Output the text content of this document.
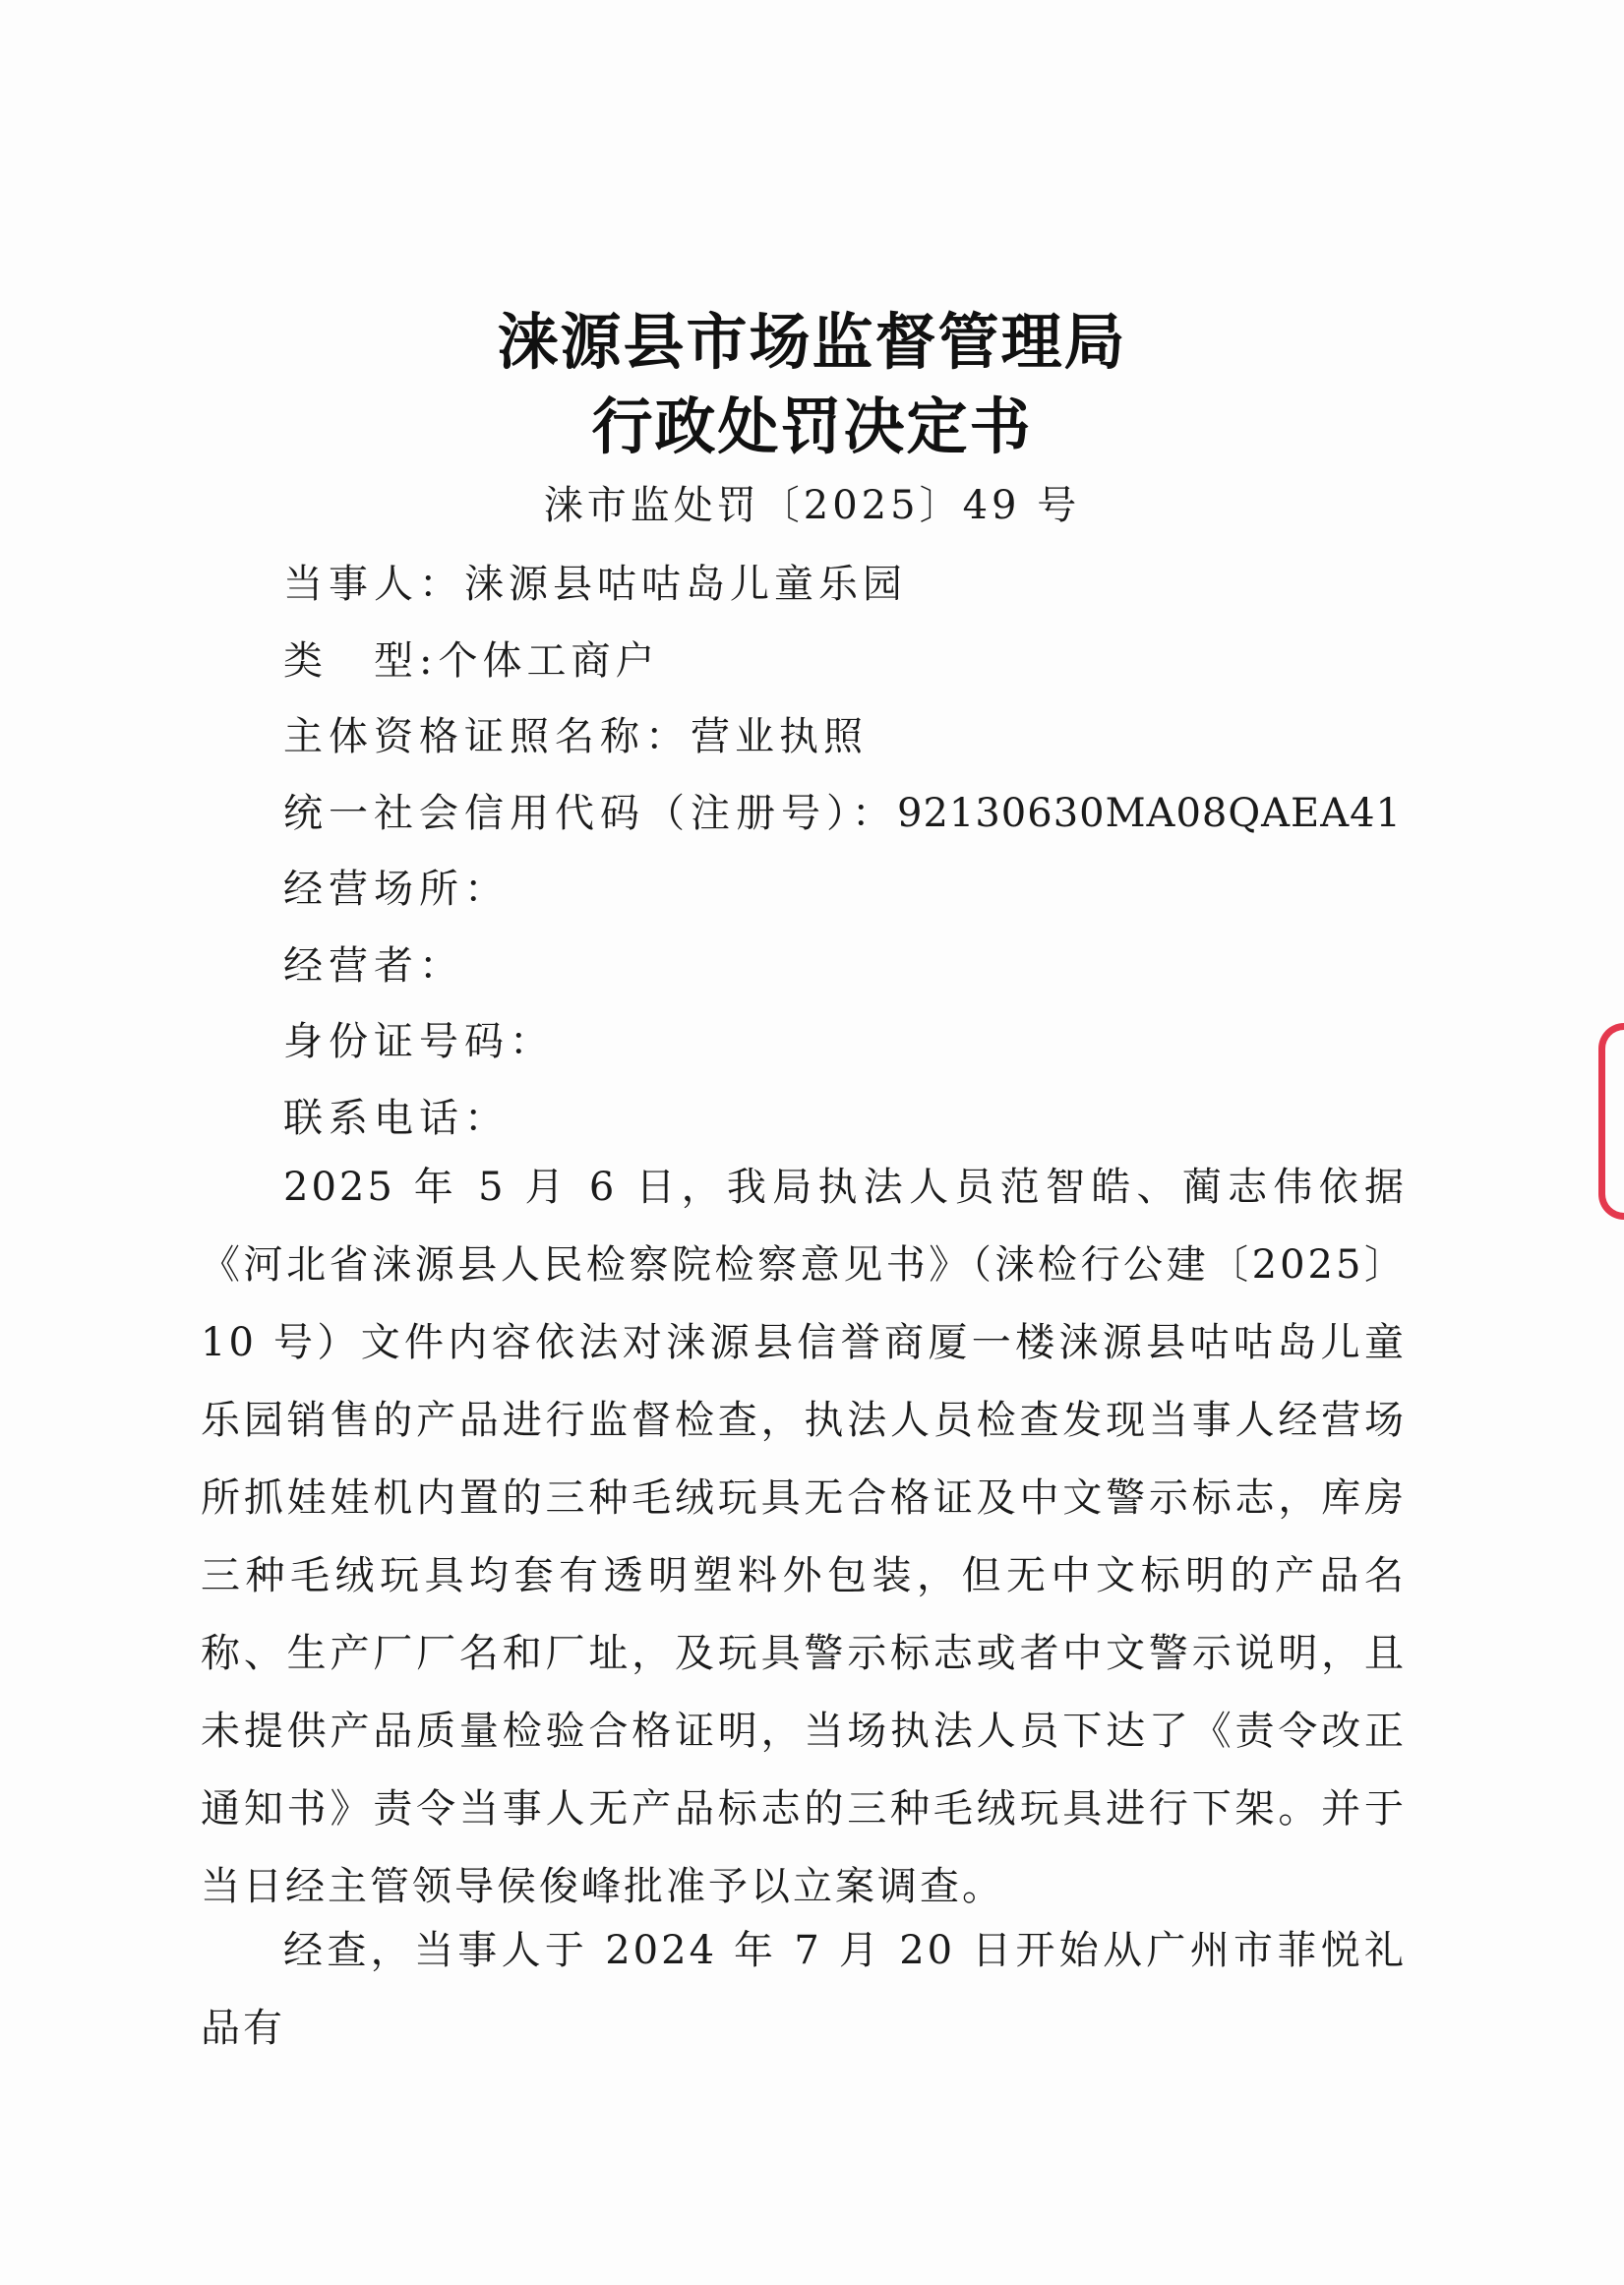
涞源县市场监督管理局
行政处罚决定书

涞市监处罚〔2025〕49 号

当事人：涞源县咕咕岛儿童乐园

类　型:个体工商户

主体资格证照名称：营业执照

统一社会信用代码（注册号）：92130630MA08QAEA41

经营场所：

经营者：

身份证号码：

联系电话：

2025 年 5 月 6 日，我局执法人员范智皓、蔺志伟依据《河北省涞源县人民检察院检察意见书》（涞检行公建〔2025〕10 号）文件内容依法对涞源县信誉商厦一楼涞源县咕咕岛儿童乐园销售的产品进行监督检查，执法人员检查发现当事人经营场所抓娃娃机内置的三种毛绒玩具无合格证及中文警示标志，库房三种毛绒玩具均套有透明塑料外包装，但无中文标明的产品名称、生产厂厂名和厂址，及玩具警示标志或者中文警示说明，且未提供产品质量检验合格证明，当场执法人员下达了《责令改正通知书》责令当事人无产品标志的三种毛绒玩具进行下架。并于当日经主管领导侯俊峰批准予以立案调查。

经查，当事人于 2024 年 7 月 20 日开始从广州市菲悦礼品有
